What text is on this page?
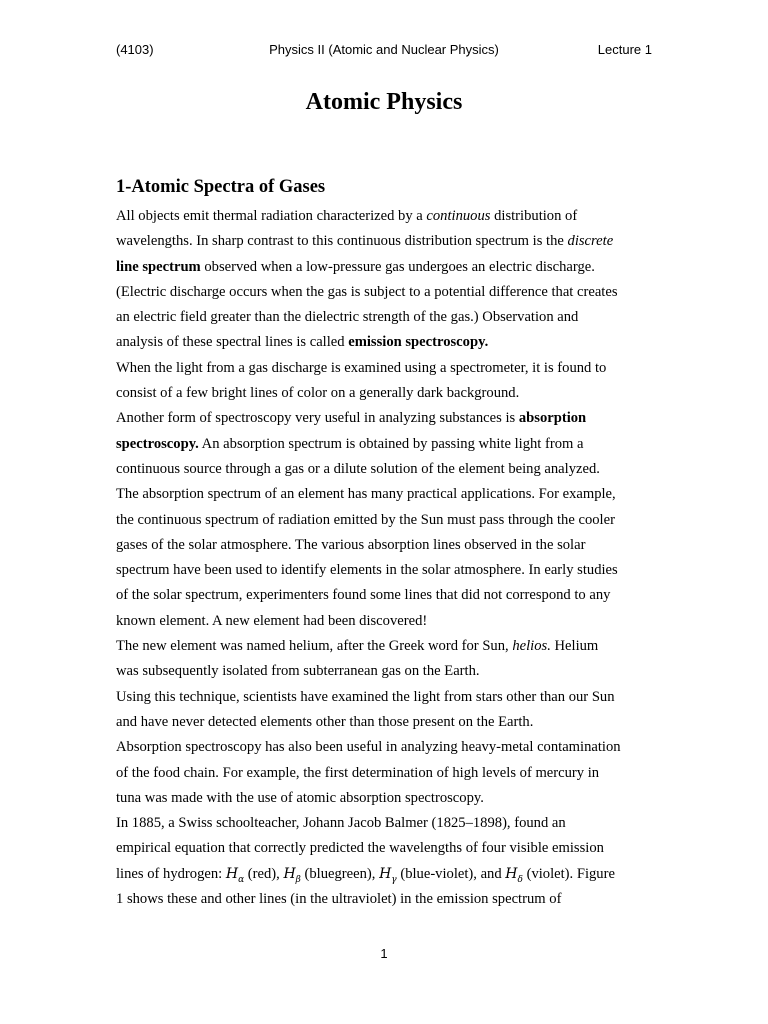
(4103)	Physics II (Atomic and Nuclear Physics)	Lecture 1
Atomic Physics
1-Atomic Spectra of Gases
All objects emit thermal radiation characterized by a continuous distribution of
wavelengths. In sharp contrast to this continuous distribution spectrum is the discrete
line spectrum observed when a low-pressure gas undergoes an electric discharge.
(Electric discharge occurs when the gas is subject to a potential difference that creates
an electric field greater than the dielectric strength of the gas.) Observation and
analysis of these spectral lines is called emission spectroscopy.
When the light from a gas discharge is examined using a spectrometer, it is found to
consist of a few bright lines of color on a generally dark background.
Another form of spectroscopy very useful in analyzing substances is absorption
spectroscopy. An absorption spectrum is obtained by passing white light from a
continuous source through a gas or a dilute solution of the element being analyzed.
The absorption spectrum of an element has many practical applications. For example,
the continuous spectrum of radiation emitted by the Sun must pass through the cooler
gases of the solar atmosphere. The various absorption lines observed in the solar
spectrum have been used to identify elements in the solar atmosphere. In early studies
of the solar spectrum, experimenters found some lines that did not correspond to any
known element. A new element had been discovered!
The new element was named helium, after the Greek word for Sun, helios. Helium
was subsequently isolated from subterranean gas on the Earth.
Using this technique, scientists have examined the light from stars other than our Sun
and have never detected elements other than those present on the Earth.
Absorption spectroscopy has also been useful in analyzing heavy-metal contamination
of the food chain. For example, the first determination of high levels of mercury in
tuna was made with the use of atomic absorption spectroscopy.
In 1885, a Swiss schoolteacher, Johann Jacob Balmer (1825–1898), found an
empirical equation that correctly predicted the wavelengths of four visible emission
lines of hydrogen: $H_\alpha$ (red), $H_\beta$ (bluegreen), $H_\gamma$ (blue-violet), and $H_\delta$ (violet). Figure
1 shows these and other lines (in the ultraviolet) in the emission spectrum of
1
